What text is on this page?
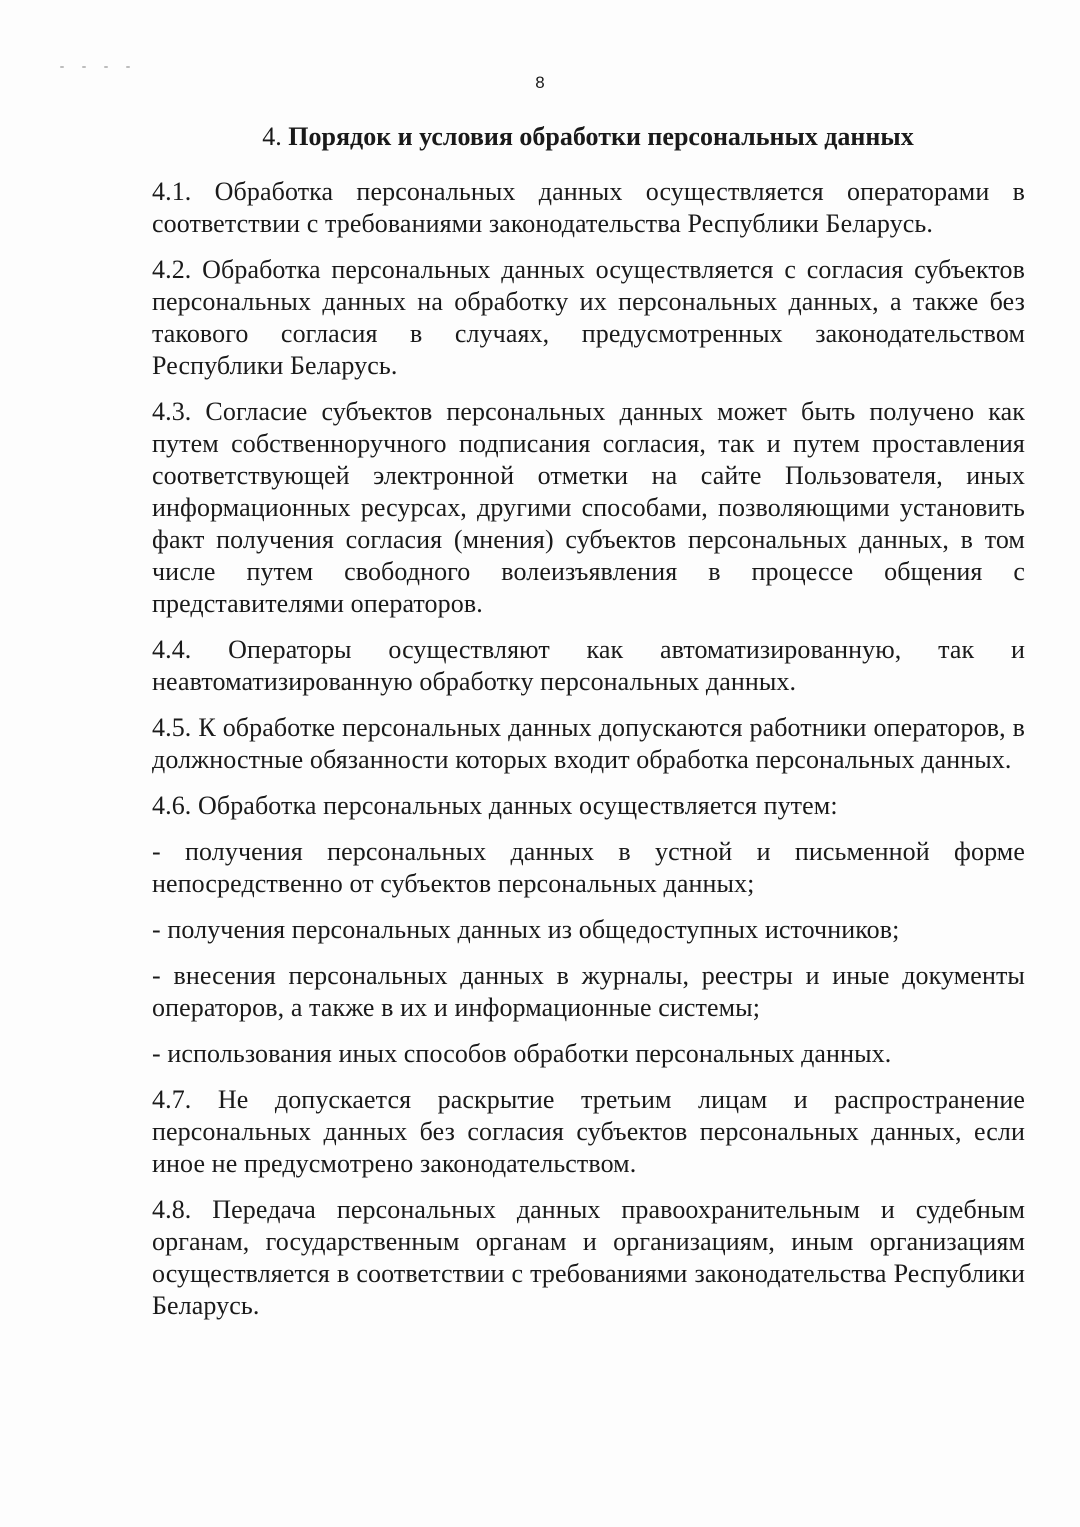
8
4. Порядок и условия обработки персональных данных

4.1. Обработка персональных данных осуществляется операторами в соответствии с требованиями законодательства Республики Беларусь.

4.2. Обработка персональных данных осуществляется с согласия субъектов персональных данных на обработку их персональных данных, а также без такового согласия в случаях, предусмотренных законодательством Республики Беларусь.

4.3. Согласие субъектов персональных данных может быть получено как путем собственноручного подписания согласия, так и путем проставления соответствующей электронной отметки на сайте Пользователя, иных информационных ресурсах, другими способами, позволяющими установить факт получения согласия (мнения) субъектов персональных данных, в том числе путем свободного волеизъявления в процессе общения с представителями операторов.

4.4. Операторы осуществляют как автоматизированную, так и неавтоматизированную обработку персональных данных.

4.5. К обработке персональных данных допускаются работники операторов, в должностные обязанности которых входит обработка персональных данных.

4.6. Обработка персональных данных осуществляется путем:

- получения персональных данных в устной и письменной форме непосредственно от субъектов персональных данных;

- получения персональных данных из общедоступных источников;

- внесения персональных данных в журналы, реестры и иные документы операторов, а также в их и информационные системы;

- использования иных способов обработки персональных данных.

4.7. Не допускается раскрытие третьим лицам и распространение персональных данных без согласия субъектов персональных данных, если иное не предусмотрено законодательством.

4.8. Передача персональных данных правоохранительным и судебным органам, государственным органам и организациям, иным организациям осуществляется в соответствии с требованиями законодательства Республики Беларусь.
